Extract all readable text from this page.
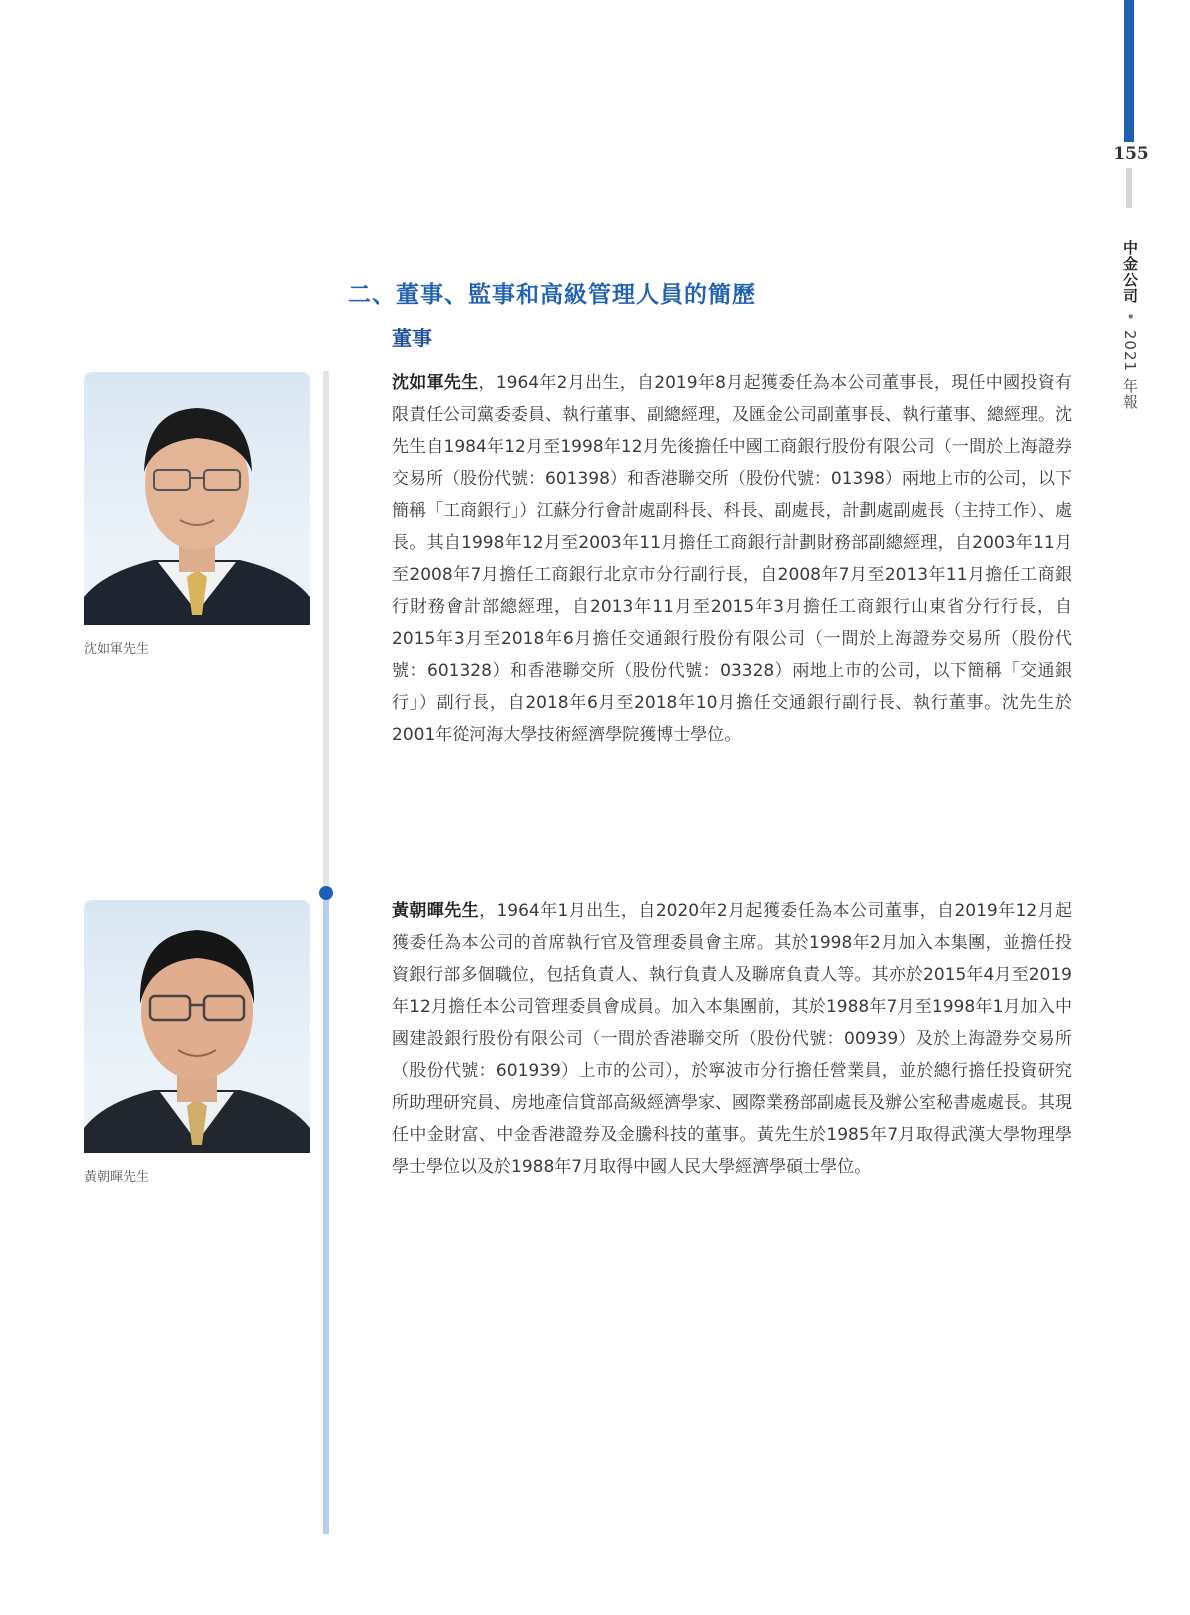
155
中金公司•2021 年報
二、董事、監事和高級管理人員的簡歷
董事
沈如軍先生

沈如軍先生，1964年2月出生，自2019年8月起獲委任為本公司董事長，現任中國投資有限責任公司黨委委員、執行董事、副總經理，及匯金公司副董事長、執行董事、總經理。沈先生自1984年12月至1998年12月先後擔任中國工商銀行股份有限公司（一間於上海證券交易所（股份代號：601398）和香港聯交所（股份代號：01398）兩地上市的公司，以下簡稱「工商銀行」）江蘇分行會計處副科長、科長、副處長，計劃處副處長（主持工作）、處長。其自1998年12月至2003年11月擔任工商銀行計劃財務部副總經理，自2003年11月至2008年7月擔任工商銀行北京市分行副行長，自2008年7月至2013年11月擔任工商銀行財務會計部總經理，自2013年11月至2015年3月擔任工商銀行山東省分行行長，自2015年3月至2018年6月擔任交通銀行股份有限公司（一間於上海證券交易所（股份代號：601328）和香港聯交所（股份代號：03328）兩地上市的公司，以下簡稱「交通銀行」）副行長，自2018年6月至2018年10月擔任交通銀行副行長、執行董事。沈先生於2001年從河海大學技術經濟學院獲博士學位。

黃朝暉先生

黃朝暉先生，1964年1月出生，自2020年2月起獲委任為本公司董事，自2019年12月起獲委任為本公司的首席執行官及管理委員會主席。其於1998年2月加入本集團，並擔任投資銀行部多個職位，包括負責人、執行負責人及聯席負責人等。其亦於2015年4月至2019年12月擔任本公司管理委員會成員。加入本集團前，其於1988年7月至1998年1月加入中國建設銀行股份有限公司（一間於香港聯交所（股份代號：00939）及於上海證券交易所（股份代號：601939）上市的公司），於寧波市分行擔任營業員，並於總行擔任投資研究所助理研究員、房地產信貸部高級經濟學家、國際業務部副處長及辦公室秘書處處長。其現任中金財富、中金香港證券及金騰科技的董事。黃先生於1985年7月取得武漢大學物理學學士學位以及於1988年7月取得中國人民大學經濟學碩士學位。
